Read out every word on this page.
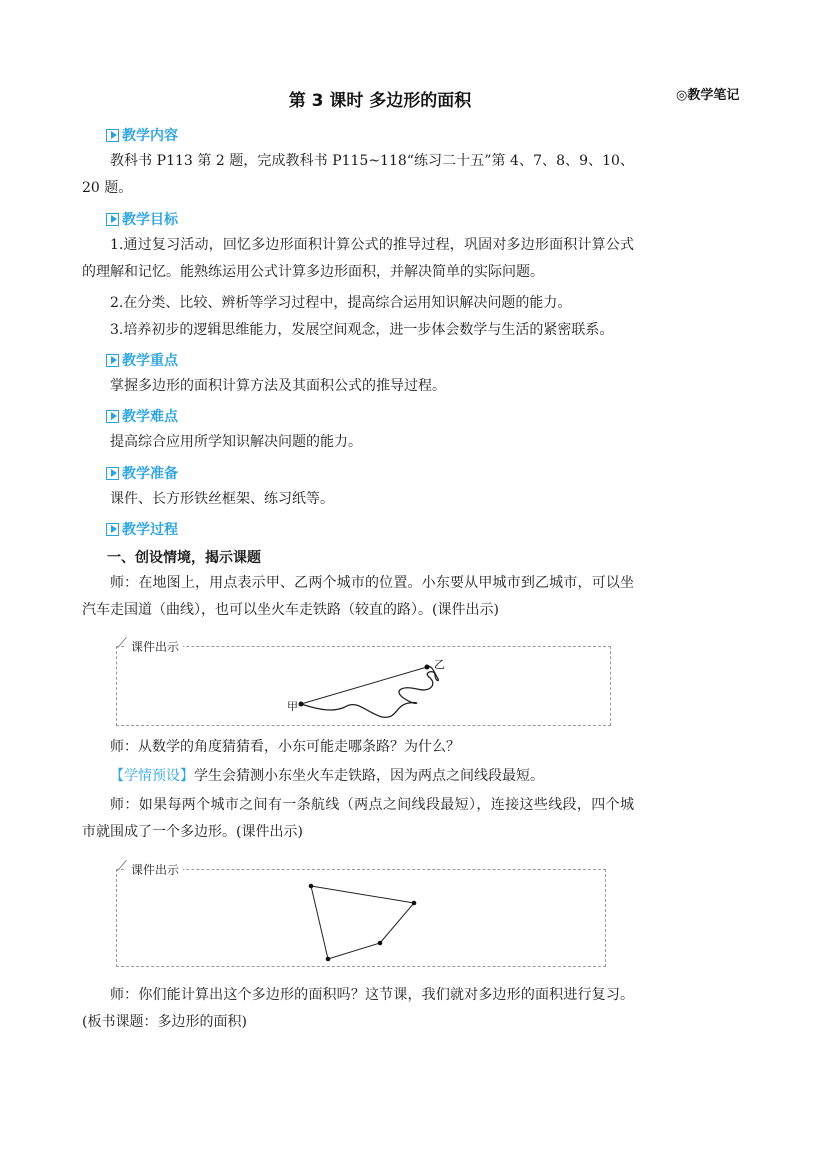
第 3 课时 多边形的面积	◎教学笔记
教学内容

教科书 P113 第 2 题，完成教科书 P115~118“练习二十五”第 4、7、8、9、10、20 题。

教学目标

1.通过复习活动，回忆多边形面积计算公式的推导过程，巩固对多边形面积计算公式的理解和记忆。能熟练运用公式计算多边形面积，并解决简单的实际问题。

2.在分类、比较、辨析等学习过程中，提高综合运用知识解决问题的能力。

3.培养初步的逻辑思维能力，发展空间观念，进一步体会数学与生活的紧密联系。

教学重点

掌握多边形的面积计算方法及其面积公式的推导过程。

教学难点

提高综合应用所学知识解决问题的能力。

教学准备

课件、长方形铁丝框架、练习纸等。

教学过程
一、创设情境，揭示课题

师：在地图上，用点表示甲、乙两个城市的位置。小东要从甲城市到乙城市，可以坐汽车走国道（曲线），也可以坐火车走铁路（较直的路）。(课件出示)

课件出示
甲
乙

师：从数学的角度猜猜看，小东可能走哪条路？为什么？

【学情预设】学生会猜测小东坐火车走铁路，因为两点之间线段最短。

师：如果每两个城市之间有一条航线（两点之间线段最短），连接这些线段，四个城市就围成了一个多边形。(课件出示)

课件出示

师：你们能计算出这个多边形的面积吗？这节课，我们就对多边形的面积进行复习。(板书课题：多边形的面积)
